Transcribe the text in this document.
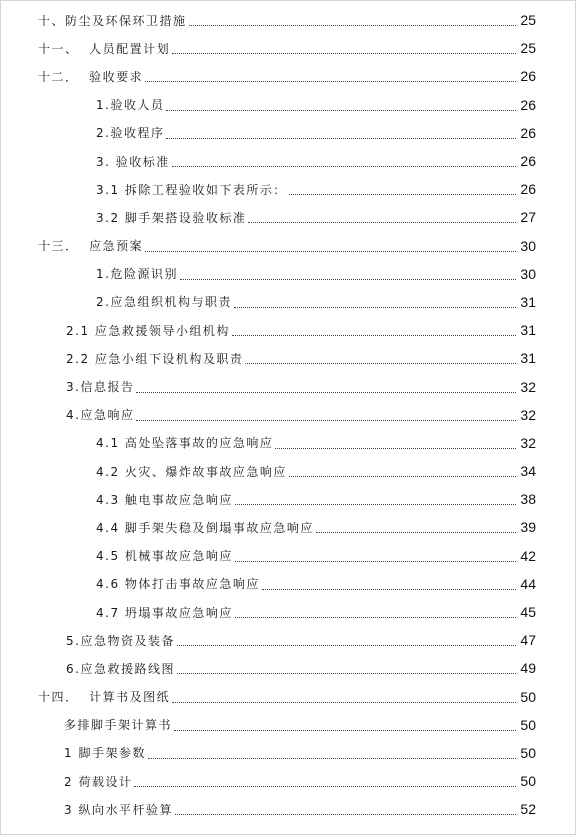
十、防尘及环保环卫措施	25
十一、  人员配置计划	25
十二．  验收要求	26
1.验收人员	26
2.验收程序	26
3. 验收标准	26
3.1 拆除工程验收如下表所示：	26
3.2 脚手架搭设验收标准	27
十三．  应急预案	30
1.危险源识别	30
2.应急组织机构与职责	31
2.1 应急救援领导小组机构	31
2.2 应急小组下设机构及职责	31
3.信息报告	32
4.应急响应	32
4.1 高处坠落事故的应急响应	32
4.2 火灾、爆炸故事故应急响应	34
4.3 触电事故应急响应	38
4.4 脚手架失稳及倒塌事故应急响应	39
4.5 机械事故应急响应	42
4.6 物体打击事故应急响应	44
4.7 坍塌事故应急响应	45
5.应急物资及装备	47
6.应急救援路线图	49
十四．  计算书及图纸	50
多排脚手架计算书	50
1 脚手架参数	50
2 荷载设计	50
3 纵向水平杆验算	52
